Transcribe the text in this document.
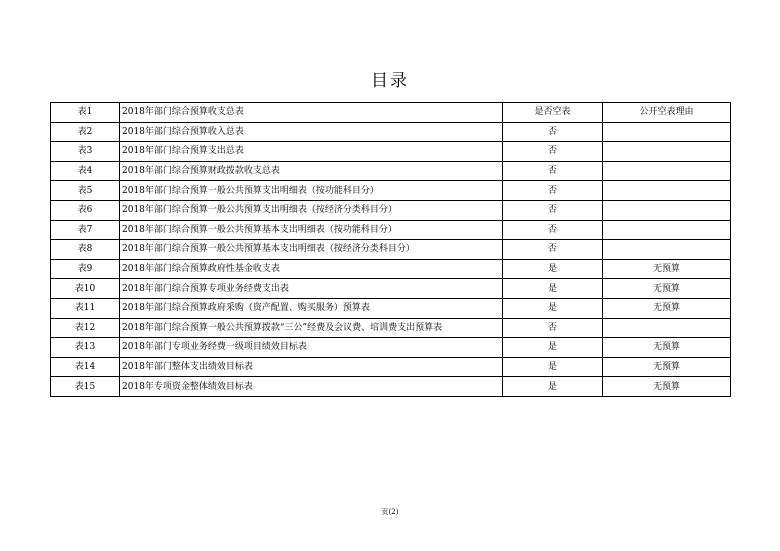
目录
表1	2018年部门综合预算收支总表	是否空表	公开空表理由
表2	2018年部门综合预算收入总表	否	
表3	2018年部门综合预算支出总表	否	
表4	2018年部门综合预算财政拨款收支总表	否	
表5	2018年部门综合预算一般公共预算支出明细表（按功能科目分）	否	
表6	2018年部门综合预算一般公共预算支出明细表（按经济分类科目分）	否	
表7	2018年部门综合预算一般公共预算基本支出明细表（按功能科目分）	否	
表8	2018年部门综合预算一般公共预算基本支出明细表（按经济分类科目分）	否	
表9	2018年部门综合预算政府性基金收支表	是	无预算
表10	2018年部门综合预算专项业务经费支出表	是	无预算
表11	2018年部门综合预算政府采购（资产配置、购买服务）预算表	是	无预算
表12	2018年部门综合预算一般公共预算拨款“三公”经费及会议费、培训费支出预算表	否	
表13	2018年部门专项业务经费一级项目绩效目标表	是	无预算
表14	2018年部门整体支出绩效目标表	是	无预算
表15	2018年专项资金整体绩效目标表	是	无预算
页(2)
